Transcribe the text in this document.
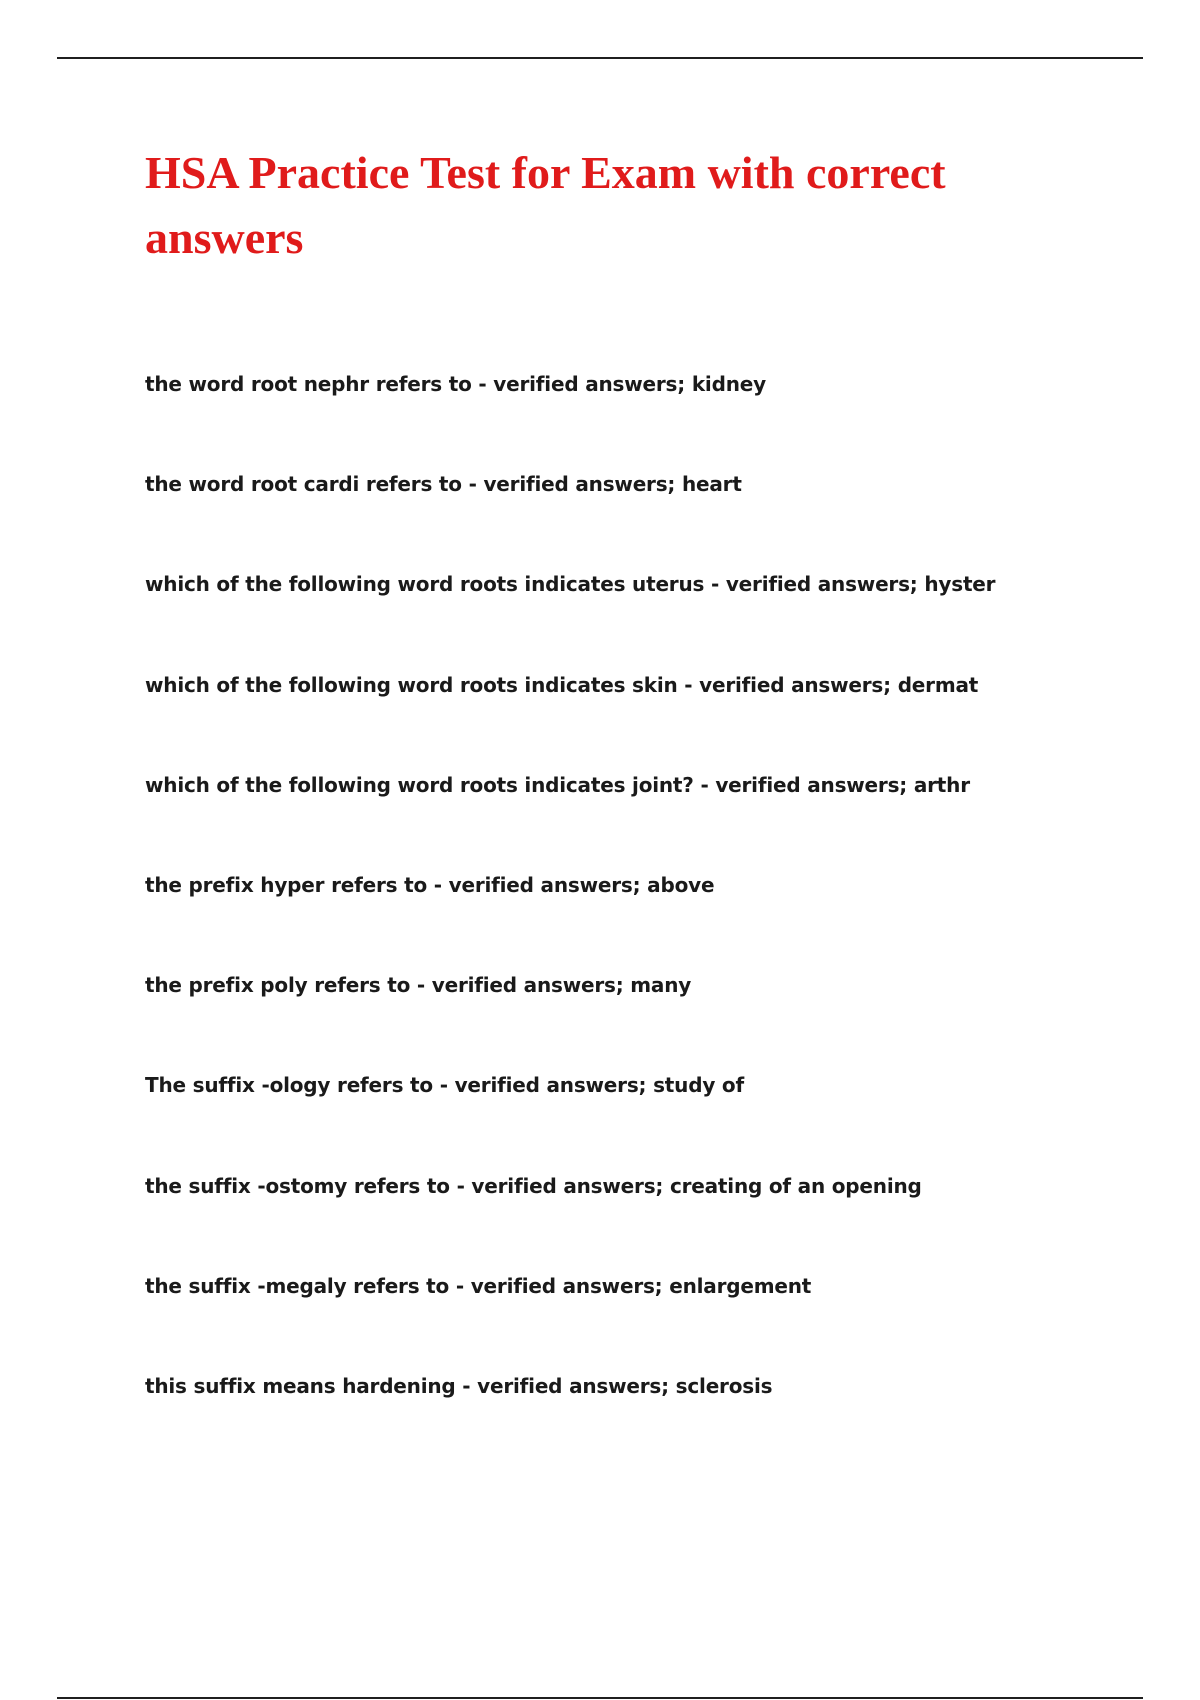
HSA Practice Test for Exam with correct answers
the word root nephr refers to - verified answers; kidney
the word root cardi refers to - verified answers; heart
which of the following word roots indicates uterus - verified answers; hyster
which of the following word roots indicates skin - verified answers; dermat
which of the following word roots indicates joint? - verified answers; arthr
the prefix hyper refers to - verified answers; above
the prefix poly refers to - verified answers; many
The suffix -ology refers to - verified answers; study of
the suffix -ostomy refers to - verified answers; creating of an opening
the suffix -megaly refers to - verified answers; enlargement
this suffix means hardening - verified answers; sclerosis
